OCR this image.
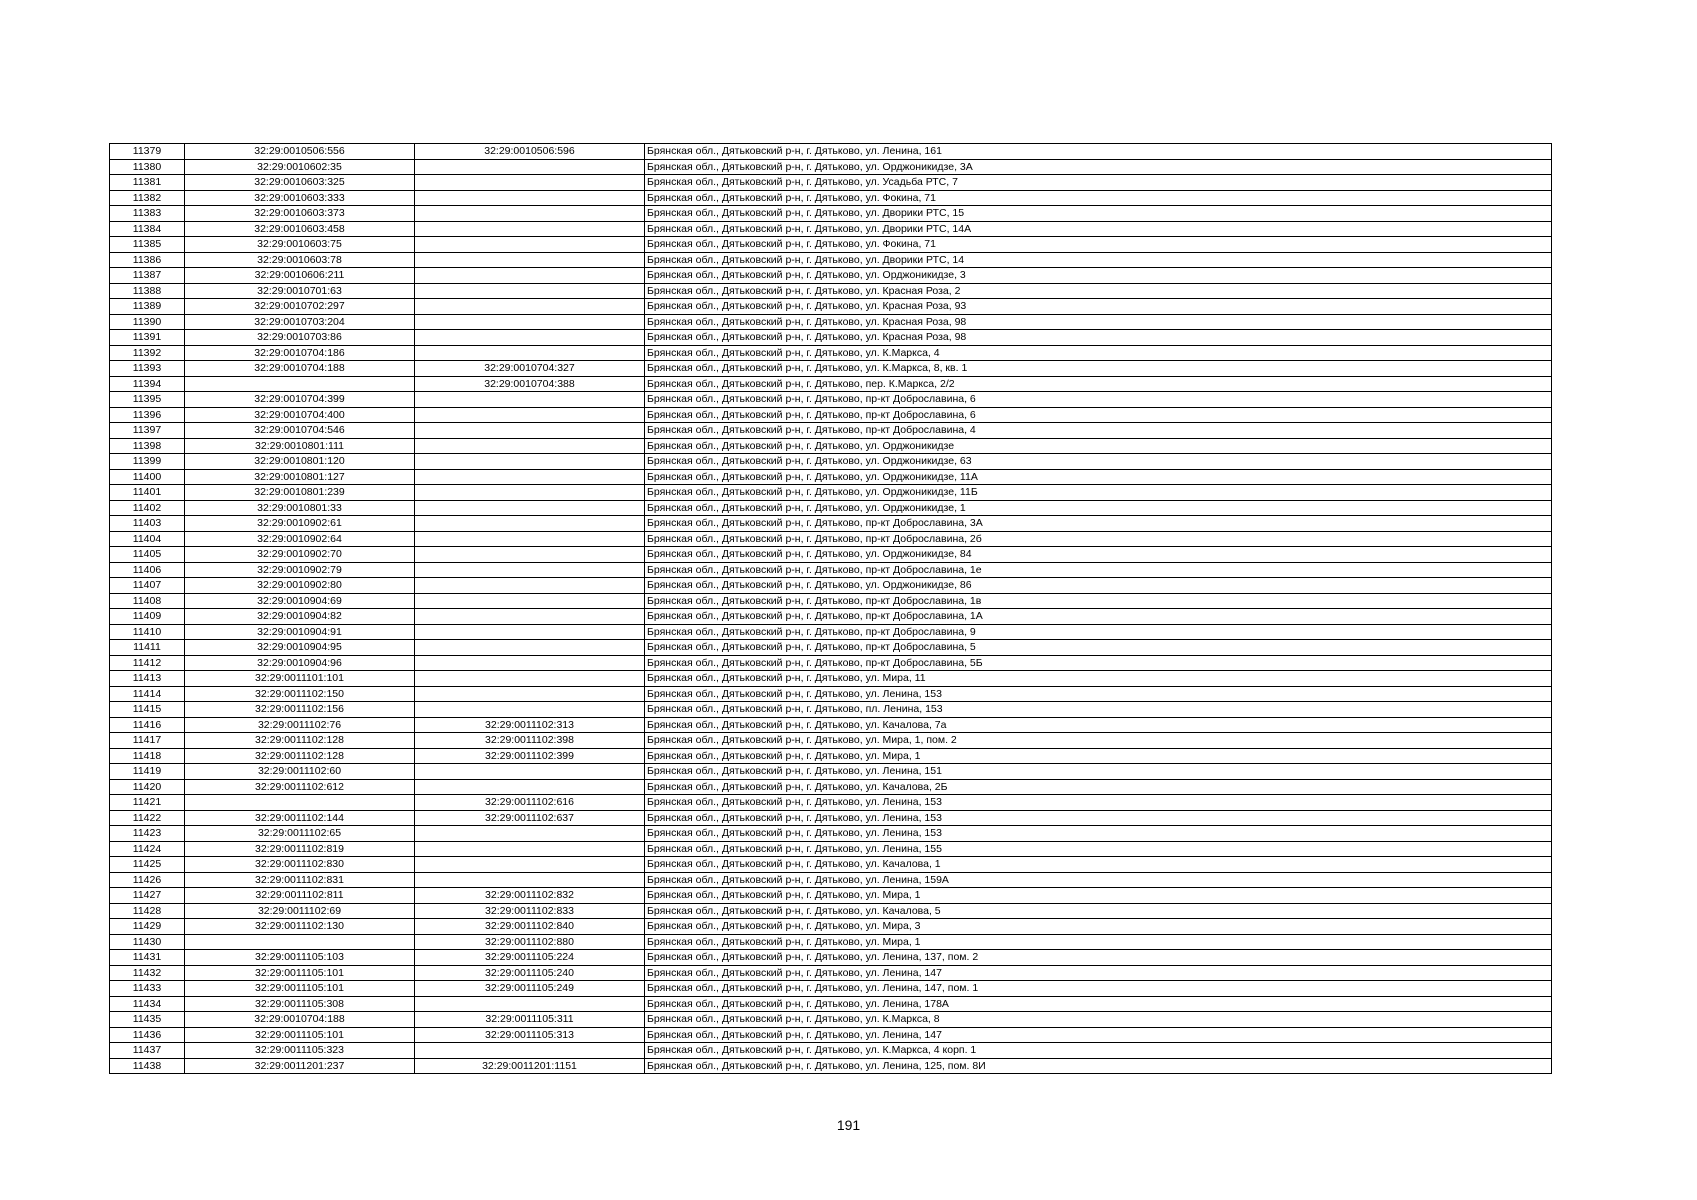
11379	32:29:0010506:556	32:29:0010506:596	Брянская обл., Дятьковский р-н, г. Дятьково, ул. Ленина, 161
11380	32:29:0010602:35		Брянская обл., Дятьковский р-н, г. Дятьково, ул. Орджоникидзе, 3А
11381	32:29:0010603:325		Брянская обл., Дятьковский р-н, г. Дятьково, ул. Усадьба РТС, 7
11382	32:29:0010603:333		Брянская обл., Дятьковский р-н, г. Дятьково, ул. Фокина, 71
11383	32:29:0010603:373		Брянская обл., Дятьковский р-н, г. Дятьково, ул. Дворики РТС, 15
11384	32:29:0010603:458		Брянская обл., Дятьковский р-н, г. Дятьково, ул. Дворики РТС, 14А
11385	32:29:0010603:75		Брянская обл., Дятьковский р-н, г. Дятьково, ул. Фокина, 71
11386	32:29:0010603:78		Брянская обл., Дятьковский р-н, г. Дятьково, ул. Дворики РТС, 14
11387	32:29:0010606:211		Брянская обл., Дятьковский р-н, г. Дятьково, ул. Орджоникидзе, 3
11388	32:29:0010701:63		Брянская обл., Дятьковский р-н, г. Дятьково, ул. Красная Роза, 2
11389	32:29:0010702:297		Брянская обл., Дятьковский р-н, г. Дятьково, ул. Красная Роза, 93
11390	32:29:0010703:204		Брянская обл., Дятьковский р-н, г. Дятьково, ул. Красная Роза, 98
11391	32:29:0010703:86		Брянская обл., Дятьковский р-н, г. Дятьково, ул. Красная Роза, 98
11392	32:29:0010704:186		Брянская обл., Дятьковский р-н, г. Дятьково, ул. К.Маркса, 4
11393	32:29:0010704:188	32:29:0010704:327	Брянская обл., Дятьковский р-н, г. Дятьково, ул. К.Маркса, 8, кв. 1
11394		32:29:0010704:388	Брянская обл., Дятьковский р-н, г. Дятьково, пер. К.Маркса, 2/2
11395	32:29:0010704:399		Брянская обл., Дятьковский р-н, г. Дятьково, пр-кт Доброславина, 6
11396	32:29:0010704:400		Брянская обл., Дятьковский р-н, г. Дятьково, пр-кт Доброславина, 6
11397	32:29:0010704:546		Брянская обл., Дятьковский р-н, г. Дятьково, пр-кт Доброславина, 4
11398	32:29:0010801:111		Брянская обл., Дятьковский р-н, г. Дятьково, ул. Орджоникидзе
11399	32:29:0010801:120		Брянская обл., Дятьковский р-н, г. Дятьково, ул. Орджоникидзе, 63
11400	32:29:0010801:127		Брянская обл., Дятьковский р-н, г. Дятьково, ул. Орджоникидзе, 11А
11401	32:29:0010801:239		Брянская обл., Дятьковский р-н, г. Дятьково, ул. Орджоникидзе, 11Б
11402	32:29:0010801:33		Брянская обл., Дятьковский р-н, г. Дятьково, ул. Орджоникидзе, 1
11403	32:29:0010902:61		Брянская обл., Дятьковский р-н, г. Дятьково, пр-кт Доброславина, 3А
11404	32:29:0010902:64		Брянская обл., Дятьковский р-н, г. Дятьково, пр-кт Доброславина, 2б
11405	32:29:0010902:70		Брянская обл., Дятьковский р-н, г. Дятьково, ул. Орджоникидзе, 84
11406	32:29:0010902:79		Брянская обл., Дятьковский р-н, г. Дятьково, пр-кт Доброславина, 1е
11407	32:29:0010902:80		Брянская обл., Дятьковский р-н, г. Дятьково, ул. Орджоникидзе, 86
11408	32:29:0010904:69		Брянская обл., Дятьковский р-н, г. Дятьково, пр-кт Доброславина, 1в
11409	32:29:0010904:82		Брянская обл., Дятьковский р-н, г. Дятьково, пр-кт Доброславина, 1А
11410	32:29:0010904:91		Брянская обл., Дятьковский р-н, г. Дятьково, пр-кт Доброславина, 9
11411	32:29:0010904:95		Брянская обл., Дятьковский р-н, г. Дятьково, пр-кт Доброславина, 5
11412	32:29:0010904:96		Брянская обл., Дятьковский р-н, г. Дятьково, пр-кт Доброславина, 5Б
11413	32:29:0011101:101		Брянская обл., Дятьковский р-н, г. Дятьково, ул. Мира, 11
11414	32:29:0011102:150		Брянская обл., Дятьковский р-н, г. Дятьково, ул. Ленина, 153
11415	32:29:0011102:156		Брянская обл., Дятьковский р-н, г. Дятьково, пл. Ленина, 153
11416	32:29:0011102:76	32:29:0011102:313	Брянская обл., Дятьковский р-н, г. Дятьково, ул. Качалова, 7а
11417	32:29:0011102:128	32:29:0011102:398	Брянская обл., Дятьковский р-н, г. Дятьково, ул. Мира, 1, пом. 2
11418	32:29:0011102:128	32:29:0011102:399	Брянская обл., Дятьковский р-н, г. Дятьково, ул. Мира, 1
11419	32:29:0011102:60		Брянская обл., Дятьковский р-н, г. Дятьково, ул. Ленина, 151
11420	32:29:0011102:612		Брянская обл., Дятьковский р-н, г. Дятьково, ул. Качалова, 2Б
11421		32:29:0011102:616	Брянская обл., Дятьковский р-н, г. Дятьково, ул. Ленина, 153
11422	32:29:0011102:144	32:29:0011102:637	Брянская обл., Дятьковский р-н, г. Дятьково, ул. Ленина, 153
11423	32:29:0011102:65		Брянская обл., Дятьковский р-н, г. Дятьково, ул. Ленина, 153
11424	32:29:0011102:819		Брянская обл., Дятьковский р-н, г. Дятьково, ул. Ленина, 155
11425	32:29:0011102:830		Брянская обл., Дятьковский р-н, г. Дятьково, ул. Качалова, 1
11426	32:29:0011102:831		Брянская обл., Дятьковский р-н, г. Дятьково, ул. Ленина, 159А
11427	32:29:0011102:811	32:29:0011102:832	Брянская обл., Дятьковский р-н, г. Дятьково, ул. Мира, 1
11428	32:29:0011102:69	32:29:0011102:833	Брянская обл., Дятьковский р-н, г. Дятьково, ул. Качалова, 5
11429	32:29:0011102:130	32:29:0011102:840	Брянская обл., Дятьковский р-н, г. Дятьково, ул. Мира, 3
11430		32:29:0011102:880	Брянская обл., Дятьковский р-н, г. Дятьково, ул. Мира, 1
11431	32:29:0011105:103	32:29:0011105:224	Брянская обл., Дятьковский р-н, г. Дятьково, ул. Ленина, 137, пом. 2
11432	32:29:0011105:101	32:29:0011105:240	Брянская обл., Дятьковский р-н, г. Дятьково, ул. Ленина, 147
11433	32:29:0011105:101	32:29:0011105:249	Брянская обл., Дятьковский р-н, г. Дятьково, ул. Ленина, 147, пом. 1
11434	32:29:0011105:308		Брянская обл., Дятьковский р-н, г. Дятьково, ул. Ленина, 178А
11435	32:29:0010704:188	32:29:0011105:311	Брянская обл., Дятьковский р-н, г. Дятьково, ул. К.Маркса, 8
11436	32:29:0011105:101	32:29:0011105:313	Брянская обл., Дятьковский р-н, г. Дятьково, ул. Ленина, 147
11437	32:29:0011105:323		Брянская обл., Дятьковский р-н, г. Дятьково, ул. К.Маркса, 4 корп. 1
11438	32:29:0011201:237	32:29:0011201:1151	Брянская обл., Дятьковский р-н, г. Дятьково, ул. Ленина, 125, пом. 8И
191
